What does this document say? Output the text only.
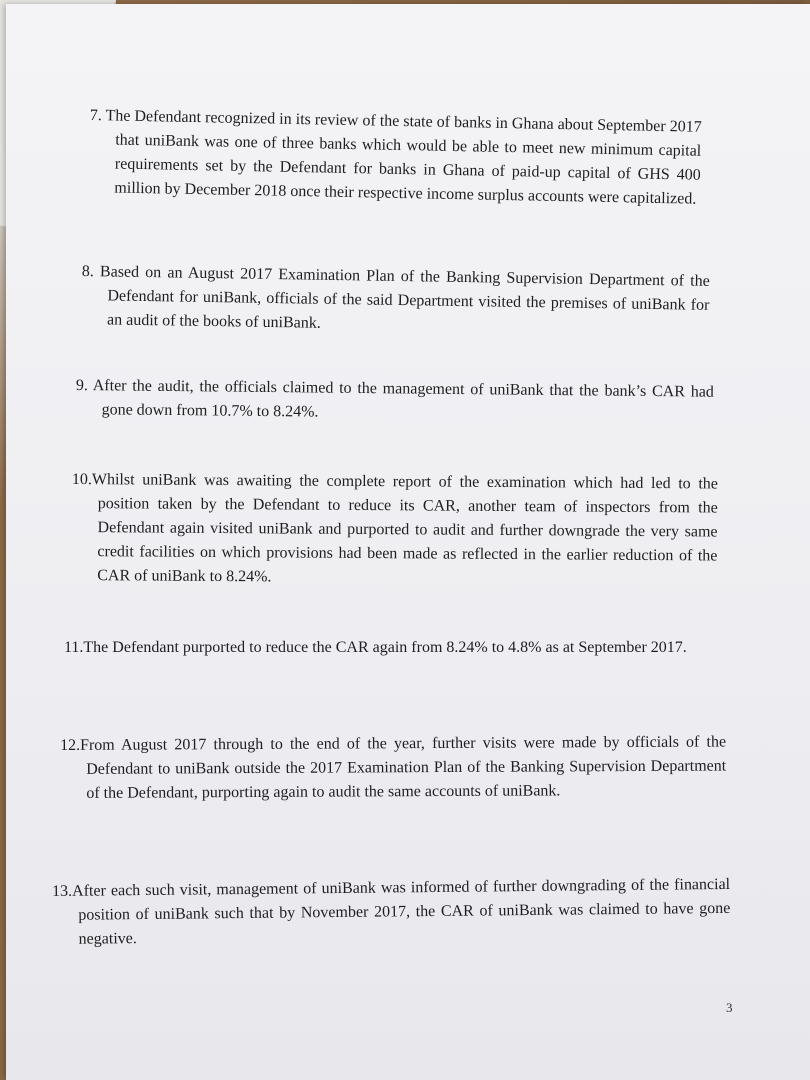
7. The Defendant recognized in its review of the state of banks in Ghana about September 2017 that uniBank was one of three banks which would be able to meet new minimum capital requirements set by the Defendant for banks in Ghana of paid-up capital of GHS 400 million by December 2018 once their respective income surplus accounts were capitalized.

8. Based on an August 2017 Examination Plan of the Banking Supervision Department of the Defendant for uniBank, officials of the said Department visited the premises of uniBank for an audit of the books of uniBank.

9. After the audit, the officials claimed to the management of uniBank that the bank’s CAR had gone down from 10.7% to 8.24%.

10.Whilst uniBank was awaiting the complete report of the examination which had led to the position taken by the Defendant to reduce its CAR, another team of inspectors from the Defendant again visited uniBank and purported to audit and further downgrade the very same credit facilities on which provisions had been made as reflected in the earlier reduction of the CAR of uniBank to 8.24%.

11.The Defendant purported to reduce the CAR again from 8.24% to 4.8% as at September 2017.

12.From August 2017 through to the end of the year, further visits were made by officials of the Defendant to uniBank outside the 2017 Examination Plan of the Banking Supervision Department of the Defendant, purporting again to audit the same accounts of uniBank.

13.After each such visit, management of uniBank was informed of further downgrading of the financial position of uniBank such that by November 2017, the CAR of uniBank was claimed to have gone negative.

3
